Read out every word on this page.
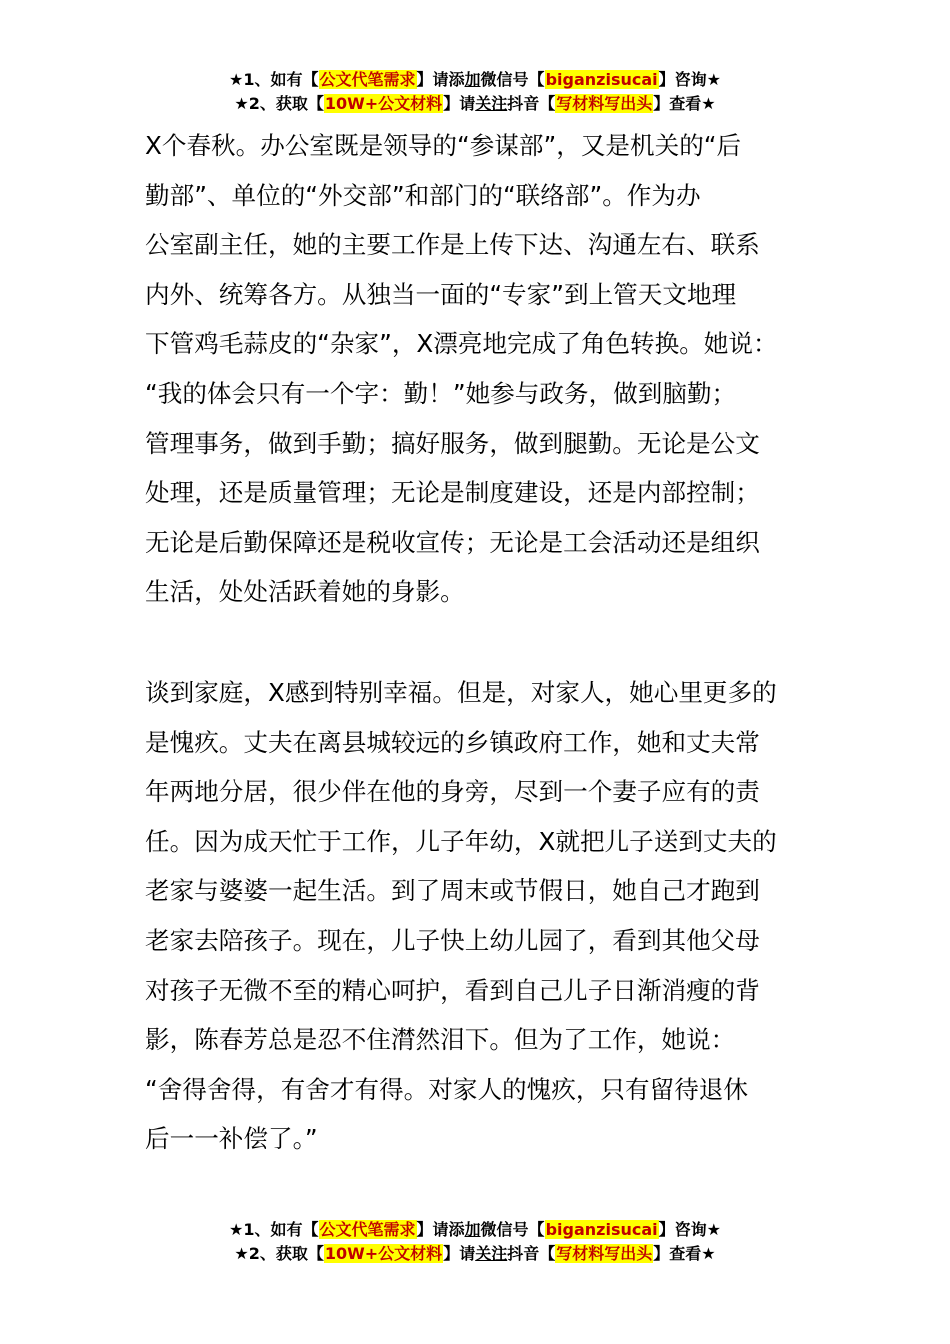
★1、如有【公文代笔需求】请添加微信号【biganzisucai】咨询★
★2、获取【10W+公文材料】请关注抖音【写材料写出头】查看★

X个春秋。办公室既是领导的“参谋部”，又是机关的“后

勤部”、单位的“外交部”和部门的“联络部”。作为办

公室副主任，她的主要工作是上传下达、沟通左右、联系

内外、统筹各方。从独当一面的“专家”到上管天文地理

下管鸡毛蒜皮的“杂家”，X漂亮地完成了角色转换。她说：

“我的体会只有一个字：勤！”她参与政务，做到脑勤；

管理事务，做到手勤；搞好服务，做到腿勤。无论是公文

处理，还是质量管理；无论是制度建设，还是内部控制；

无论是后勤保障还是税收宣传；无论是工会活动还是组织

生活，处处活跃着她的身影。

谈到家庭，X感到特别幸福。但是，对家人，她心里更多的

是愧疚。丈夫在离县城较远的乡镇政府工作，她和丈夫常

年两地分居，很少伴在他的身旁，尽到一个妻子应有的责

任。因为成天忙于工作，儿子年幼，X就把儿子送到丈夫的

老家与婆婆一起生活。到了周末或节假日，她自己才跑到

老家去陪孩子。现在，儿子快上幼儿园了，看到其他父母

对孩子无微不至的精心呵护，看到自己儿子日渐消瘦的背

影，陈春芳总是忍不住潸然泪下。但为了工作，她说：

“舍得舍得，有舍才有得。对家人的愧疚，只有留待退休

后一一补偿了。”

★1、如有【公文代笔需求】请添加微信号【biganzisucai】咨询★
★2、获取【10W+公文材料】请关注抖音【写材料写出头】查看★
